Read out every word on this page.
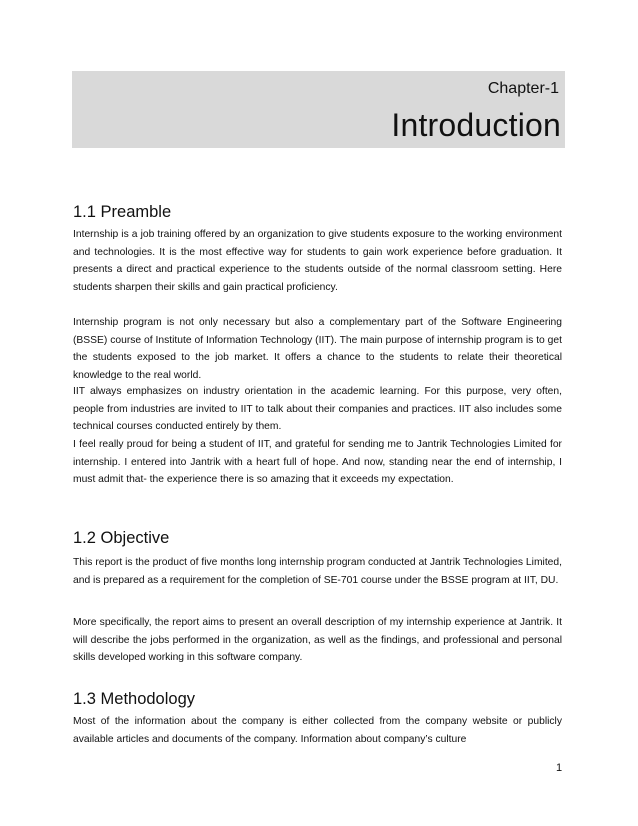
Chapter-1
Introduction
1.1 Preamble

Internship is a job training offered by an organization to give students exposure to the working environment and technologies. It is the most effective way for students to gain work experience before graduation. It presents a direct and practical experience to the students outside of the normal classroom setting. Here students sharpen their skills and gain practical proficiency.

Internship program is not only necessary but also a complementary part of the Software Engineering (BSSE) course of Institute of Information Technology (IIT). The main purpose of internship program is to get the students exposed to the job market. It offers a chance to the students to relate their theoretical knowledge to the real world.

IIT always emphasizes on industry orientation in the academic learning. For this purpose, very often, people from industries are invited to IIT to talk about their companies and practices. IIT also includes some technical courses conducted entirely by them.

I feel really proud for being a student of IIT, and grateful for sending me to Jantrik Technologies Limited for internship. I entered into Jantrik with a heart full of hope. And now, standing near the end of internship, I must admit that- the experience there is so amazing that it exceeds my expectation.

1.2 Objective

This report is the product of five months long internship program conducted at Jantrik Technologies Limited, and is prepared as a requirement for the completion of SE-701 course under the BSSE program at IIT, DU.

More specifically, the report aims to present an overall description of my internship experience at Jantrik. It will describe the jobs performed in the organization, as well as the findings, and professional and personal skills developed working in this software company.

1.3 Methodology

Most of the information about the company is either collected from the company website or publicly available articles and documents of the company. Information about company’s culture

1
